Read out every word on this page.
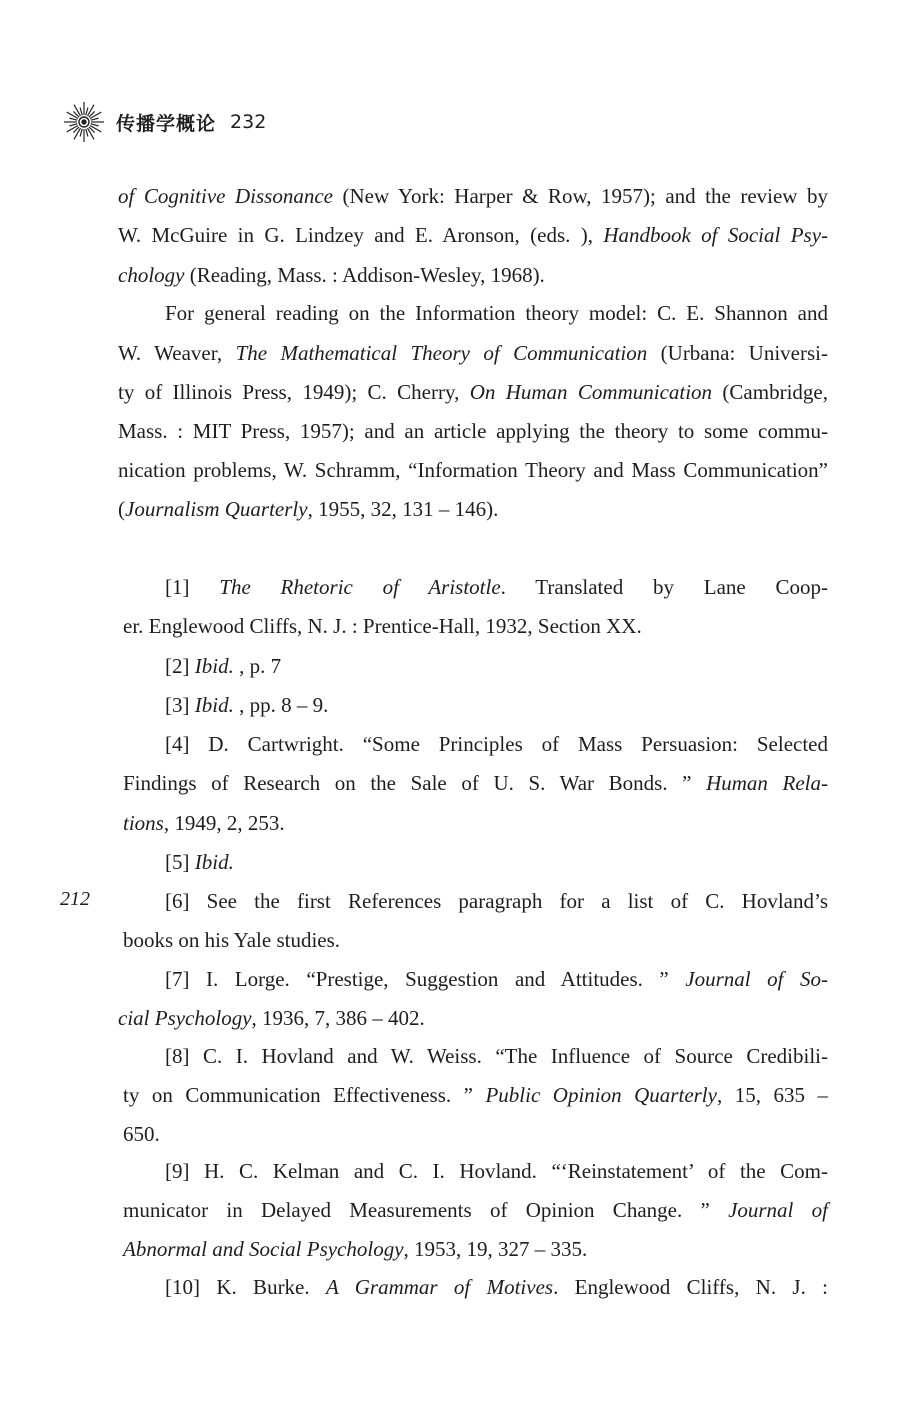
传播学概论 232
212
of Cognitive Dissonance (New York: Harper & Row, 1957); and the review by
W. McGuire in G. Lindzey and E. Aronson, (eds. ), Handbook of Social Psy-
chology (Reading, Mass. : Addison-Wesley, 1968).
For general reading on the Information theory model: C. E. Shannon and
W. Weaver, The Mathematical Theory of Communication (Urbana: Universi-
ty of Illinois Press, 1949); C. Cherry, On Human Communication (Cambridge,
Mass. : MIT Press, 1957); and an article applying the theory to some commu-
nication problems, W. Schramm, “Information Theory and Mass Communication”
(Journalism Quarterly, 1955, 32, 131 – 146).
[1] The Rhetoric of Aristotle. Translated by Lane Coop-
er. Englewood Cliffs, N. J. : Prentice-Hall, 1932, Section XX.
[2] Ibid. , p. 7
[3] Ibid. , pp. 8 – 9.
[4] D. Cartwright. “Some Principles of Mass Persuasion: Selected
Findings of Research on the Sale of U. S. War Bonds. ” Human Rela-
tions, 1949, 2, 253.
[5] Ibid.
[6] See the first References paragraph for a list of C. Hovland’s
books on his Yale studies.
[7] I. Lorge. “Prestige, Suggestion and Attitudes. ” Journal of So-
cial Psychology, 1936, 7, 386 – 402.
[8] C. I. Hovland and W. Weiss. “The Influence of Source Credibili-
ty on Communication Effectiveness. ” Public Opinion Quarterly, 15, 635 –
650.
[9] H. C. Kelman and C. I. Hovland. “‘Reinstatement’ of the Com-
municator in Delayed Measurements of Opinion Change. ” Journal of
Abnormal and Social Psychology, 1953, 19, 327 – 335.
[10] K. Burke. A Grammar of Motives. Englewood Cliffs, N. J. :
